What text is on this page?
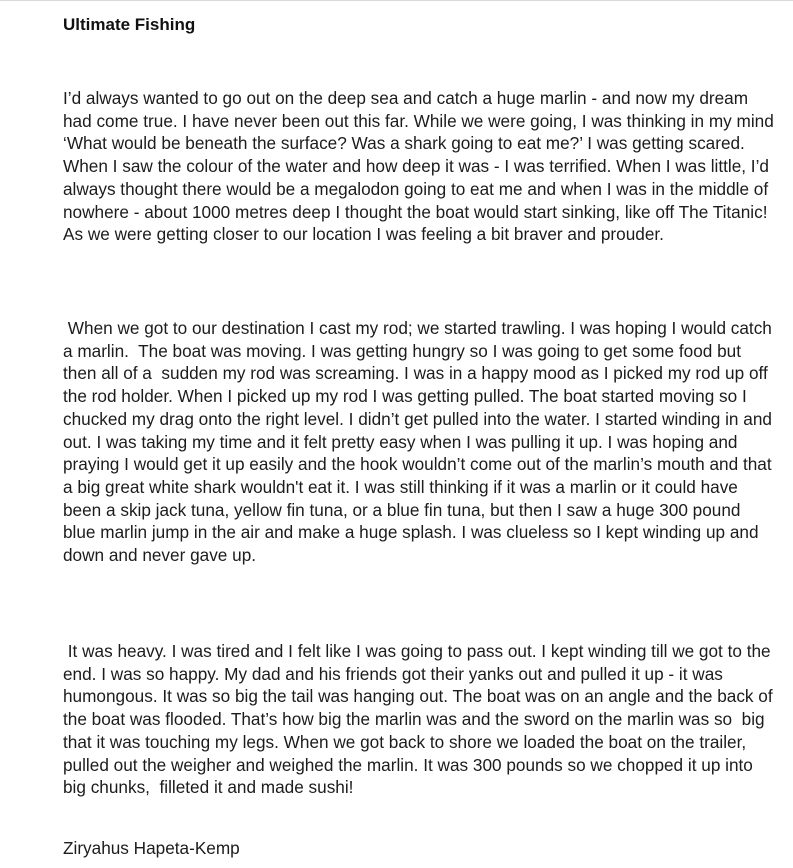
Ultimate Fishing

I’d always wanted to go out on the deep sea and catch a huge marlin - and now my dream had come true. I have never been out this far. While we were going, I was thinking in my mind ‘What would be beneath the surface? Was a shark going to eat me?’ I was getting scared. When I saw the colour of the water and how deep it was - I was terrified. When I was little, I’d always thought there would be a megalodon going to eat me and when I was in the middle of nowhere - about 1000 metres deep I thought the boat would start sinking, like off The Titanic!  As we were getting closer to our location I was feeling a bit braver and prouder.

When we got to our destination I cast my rod; we started trawling. I was hoping I would catch a marlin.  The boat was moving. I was getting hungry so I was going to get some food but then all of a  sudden my rod was screaming. I was in a happy mood as I picked my rod up off the rod holder. When I picked up my rod I was getting pulled. The boat started moving so I chucked my drag onto the right level. I didn’t get pulled into the water. I started winding in and out. I was taking my time and it felt pretty easy when I was pulling it up. I was hoping and praying I would get it up easily and the hook wouldn’t come out of the marlin’s mouth and that a big great white shark wouldn't eat it. I was still thinking if it was a marlin or it could have been a skip jack tuna, yellow fin tuna, or a blue fin tuna, but then I saw a huge 300 pound blue marlin jump in the air and make a huge splash. I was clueless so I kept winding up and down and never gave up.

It was heavy. I was tired and I felt like I was going to pass out. I kept winding till we got to the end. I was so happy. My dad and his friends got their yanks out and pulled it up - it was humongous. It was so big the tail was hanging out. The boat was on an angle and the back of the boat was flooded. That’s how big the marlin was and the sword on the marlin was so  big that it was touching my legs. When we got back to shore we loaded the boat on the trailer, pulled out the weigher and weighed the marlin. It was 300 pounds so we chopped it up into big chunks,  filleted it and made sushi!

Ziryahus Hapeta-Kemp
